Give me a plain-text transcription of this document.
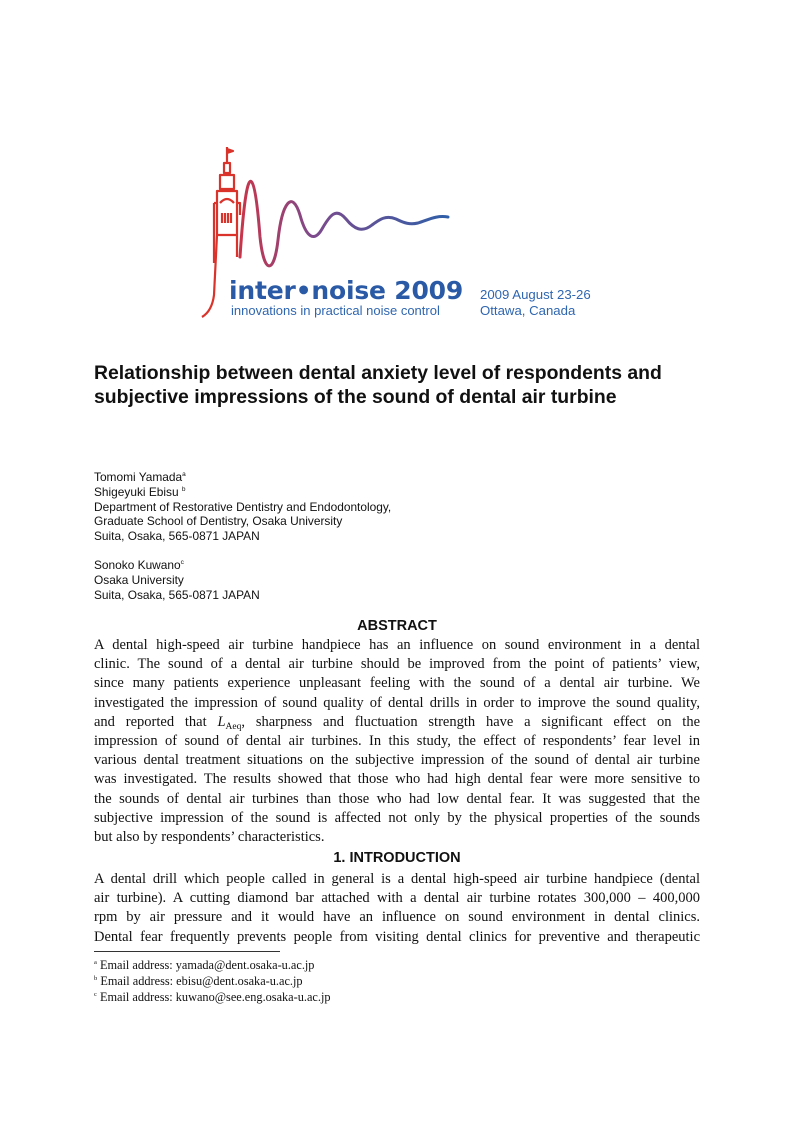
inter•noise 2009
innovations in practical noise control
2009 August 23-26
Ottawa, Canada
Relationship between dental anxiety level of respondents and
subjective impressions of the sound of dental air turbine
Tomomi Yamada$^a$
Shigeyuki Ebisu $^b$
Department of Restorative Dentistry and Endodontology,
Graduate School of Dentistry, Osaka University
Suita, Osaka, 565-0871 JAPAN
Sonoko Kuwano$^c$
Osaka University
Suita, Osaka, 565-0871 JAPAN
ABSTRACT
A dental high-speed air turbine handpiece has an influence on sound environment in a dental
clinic. The sound of a dental air turbine should be improved from the point of patients’ view,
since many patients experience unpleasant feeling with the sound of a dental air turbine. We
investigated the impression of sound quality of dental drills in order to improve the sound quality,
and reported that $L_{Aeq}$, sharpness and fluctuation strength have a significant effect on the
impression of sound of dental air turbines. In this study, the effect of respondents’ fear level in
various dental treatment situations on the subjective impression of the sound of dental air turbine
was investigated. The results showed that those who had high dental fear were more sensitive to
the sounds of dental air turbines than those who had low dental fear. It was suggested that the
subjective impression of the sound is affected not only by the physical properties of the sounds
but also by respondents’ characteristics.
1. INTRODUCTION
A dental drill which people called in general is a dental high-speed air turbine handpiece (dental
air turbine). A cutting diamond bar attached with a dental air turbine rotates 300,000 – 400,000
rpm by air pressure and it would have an influence on sound environment in dental clinics.
Dental fear frequently prevents people from visiting dental clinics for preventive and therapeutic
$^a$ Email address: yamada@dent.osaka-u.ac.jp
$^b$ Email address: ebisu@dent.osaka-u.ac.jp
$^c$ Email address: kuwano@see.eng.osaka-u.ac.jp
